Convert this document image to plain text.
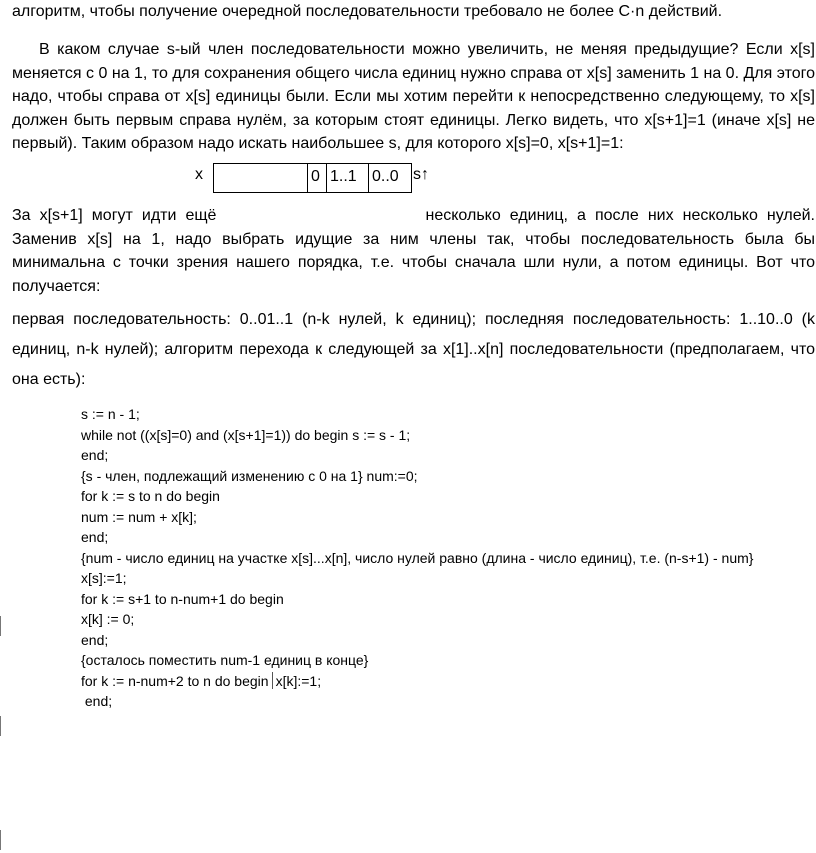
алгоритм, чтобы получение очередной последовательности требовало не более C·n действий.
В каком случае s-ый член последовательности можно увеличить, не меняя предыдущие? Если x[s] меняется с 0 на 1, то для сохранения общего числа единиц нужно справа от x[s] заменить 1 на 0. Для этого надо, чтобы справа от x[s] единицы были. Если мы хотим перейти к непосредственно следующему, то x[s] должен быть первым справа нулём, за которым стоят единицы. Легко видеть, что x[s+1]=1 (иначе x[s] не первый). Таким образом надо искать наибольшее s, для которого x[s]=0, x[s+1]=1:
x	0 1..1 0..0 s↑
За x[s+1] могут идти ещё	несколько единиц, а после них несколько нулей. Заменив x[s] на 1, надо выбрать идущие за ним члены так, чтобы последовательность была бы минимальна с точки зрения нашего порядка, т.е. чтобы сначала шли нули, а потом единицы. Вот что получается:
первая последовательность: 0..01..1 (n-k нулей, k единиц); последняя последовательность: 1..10..0 (k единиц, n-k нулей); алгоритм перехода к следующей за x[1]..x[n] последовательности (предполагаем, что она есть):
s := n - 1;
while not ((x[s]=0) and (x[s+1]=1)) do begin s := s - 1;
end;
{s - член, подлежащий изменению с 0 на 1} num:=0;
for k := s to n do begin
num := num + x[k];
end;
{num - число единиц на участке x[s]...x[n], число нулей равно (длина - число единиц), т.е. (n-s+1) - num}
x[s]:=1;
for k := s+1 to n-num+1 do begin
x[k] := 0;
end;
{осталось поместить num-1 единиц в конце}
for k := n-num+2 to n do begin x[k]:=1;
end;
